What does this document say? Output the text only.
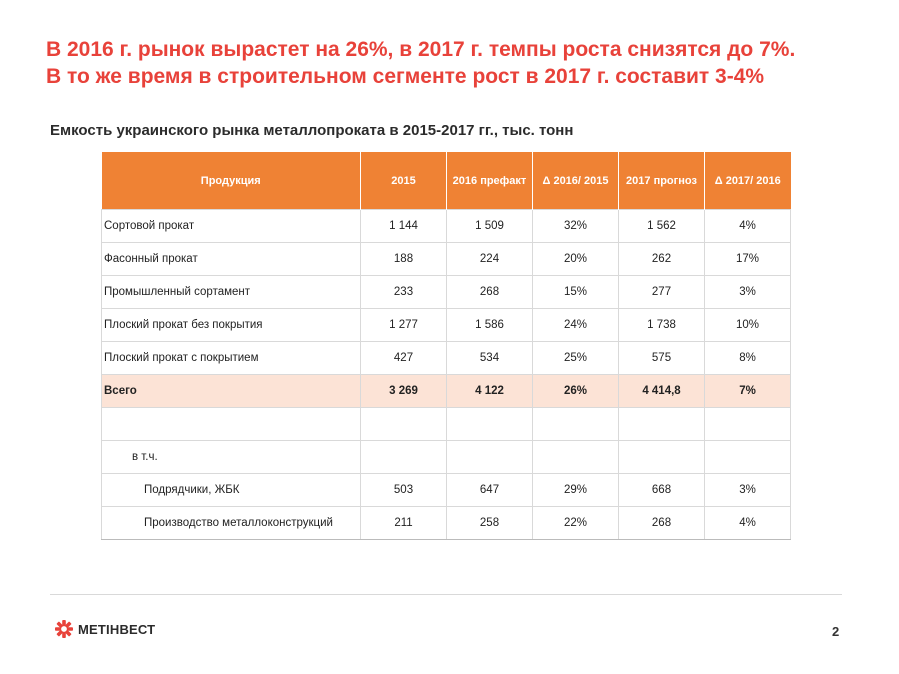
В 2016 г. рынок вырастет на 26%, в 2017 г. темпы роста снизятся до 7%.
В то же время в строительном сегменте рост в 2017 г. составит 3-4%

Емкость украинского рынка металлопроката в 2015-2017 гг., тыс. тонн

Продукция	2015	2016 префакт	Δ 2016/ 2015	2017 прогноз	Δ 2017/ 2016
Сортовой прокат	1 144	1 509	32%	1 562	4%
Фасонный прокат	188	224	20%	262	17%
Промышленный сортамент	233	268	15%	277	3%
Плоский прокат без покрытия	1 277	1 586	24%	1 738	10%
Плоский прокат с покрытием	427	534	25%	575	8%
Всего	3 269	4 122	26%	4 414,8	7%

в т.ч.					
Подрядчики, ЖБК	503	647	29%	668	3%
Производство металлоконструкций	211	258	22%	268	4%
МЕТІНВЕСТ	2
